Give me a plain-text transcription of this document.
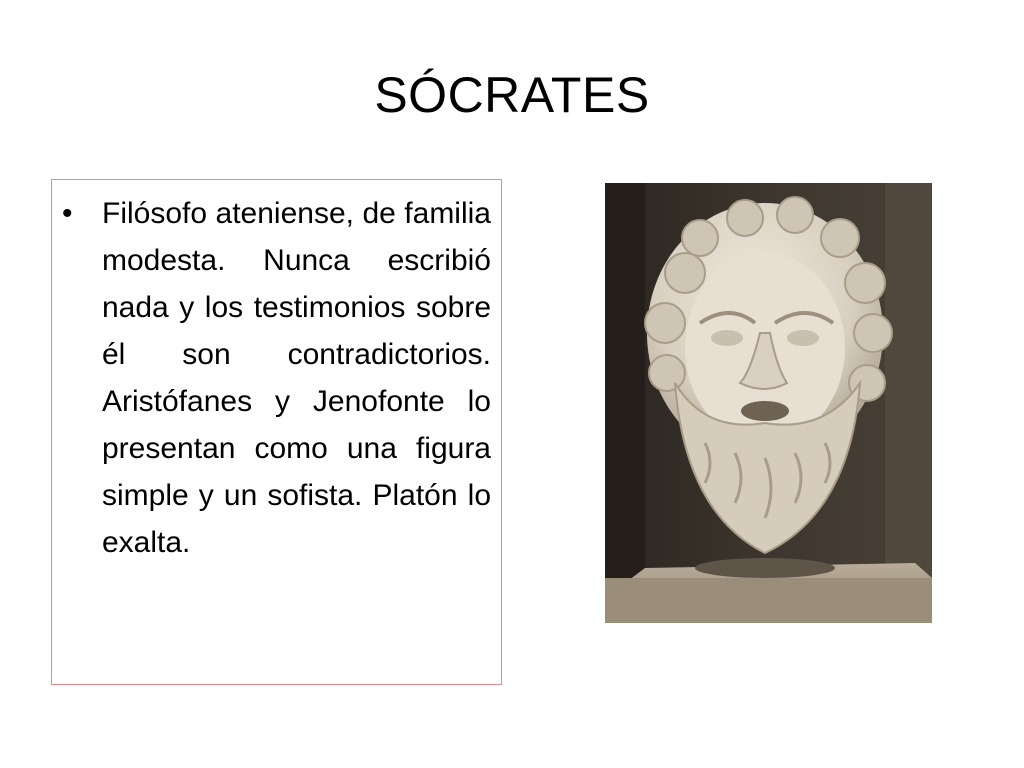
SÓCRATES
• Filósofo ateniense, de familia modesta. Nunca escribió nada y los testimonios sobre él son contradictorios. Aristófanes y Jenofonte lo presentan como una figura simple y un sofista. Platón lo exalta.
